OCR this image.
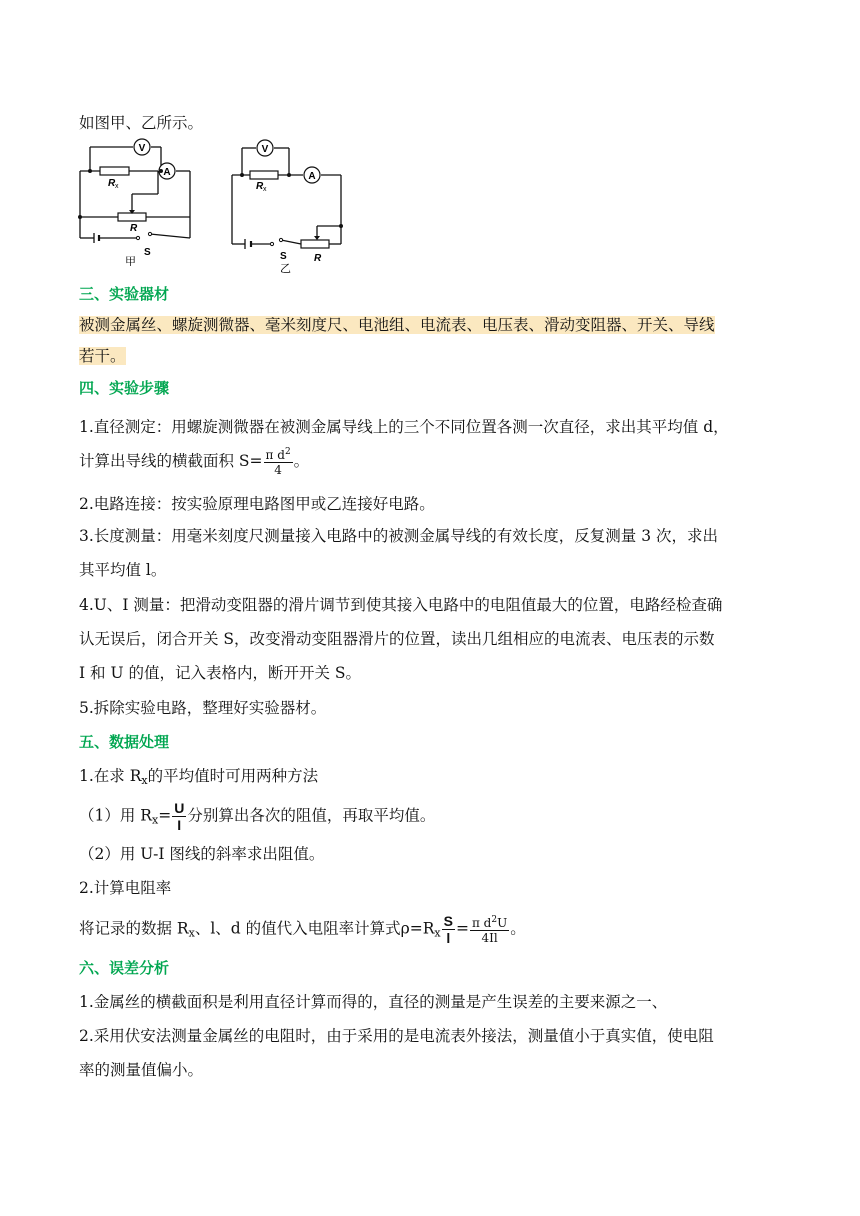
如图甲、乙所示。
V
A
R x
R
S
甲
V
A
R x
S	R
乙
三、实验器材
被测金属丝、螺旋测微器、毫米刻度尺、电池组、电流表、电压表、滑动变阻器、开关、导线
若干。
四、实验步骤
1.直径测定：用螺旋测微器在被测金属导线上的三个不同位置各测一次直径，求出其平均值 d，
计算出导线的横截面积 $S= \frac{\pi d^2}{4}$ 。
2.电路连接：按实验原理电路图甲或乙连接好电路。
3.长度测量：用毫米刻度尺测量接入电路中的被测金属导线的有效长度，反复测量 3 次，求出
其平均值 l。
4.U、I 测量：把滑动变阻器的滑片调节到使其接入电路中的电阻值最大的位置，电路经检查确
认无误后，闭合开关 S，改变滑动变阻器滑片的位置，读出几组相应的电流表、电压表的示数
I 和 U 的值，记入表格内，断开开关 S。
5.拆除实验电路，整理好实验器材。
五、数据处理
1.在求 $R_x$的平均值时可用两种方法
（1）用 $R_x= \frac{U}{I}$ 分别算出各次的阻值，再取平均值。
（2）用 U-I 图线的斜率求出阻值。
2.计算电阻率
将记录的数据 $R_x$、l、d 的值代入电阻率计算式$\rho=R_x \frac{S}{l} = \frac{\pi d^2U}{4Il}$ 。
六、误差分析
1.金属丝的横截面积是利用直径计算而得的，直径的测量是产生误差的主要来源之一、
2.采用伏安法测量金属丝的电阻时，由于采用的是电流表外接法，测量值小于真实值，使电阻
率的测量值偏小。
